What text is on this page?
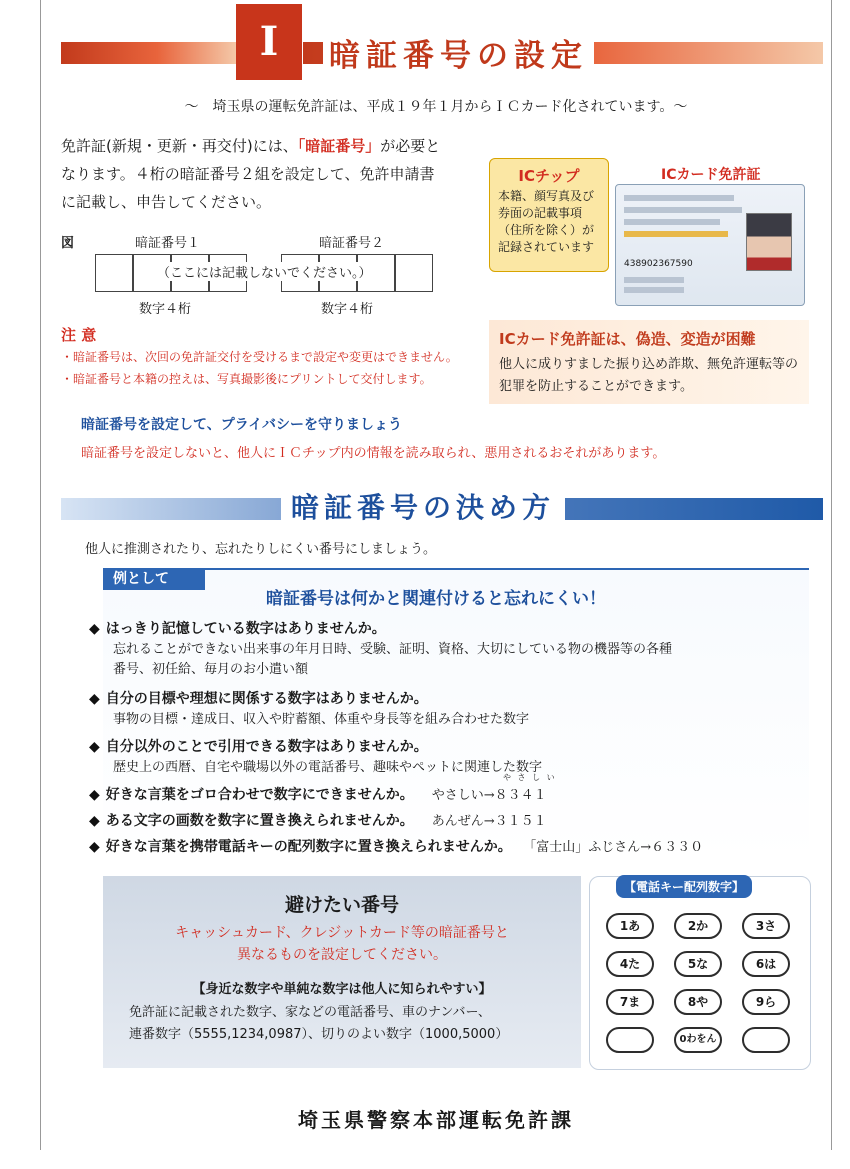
I	暗証番号の設定
～　埼玉県の運転免許証は、平成１９年１月からＩＣカード化されています。～
免許証(新規・更新・再交付)には、「暗証番号」が必要と
なります。４桁の暗証番号２組を設定して、免許申請書
に記載し、申告してください。
図	暗証番号１	暗証番号２
（ここには記載しないでください。）
数字４桁	数字４桁
ICチップ
本籍、顔写真及び券面の記載事項（住所を除く）が記録されています
ICカード免許証
438902367590
注 意
・暗証番号は、次回の免許証交付を受けるまで設定や変更はできません。
・暗証番号と本籍の控えは、写真撮影後にプリントして交付します。
ICカード免許証は、偽造、変造が困難
他人に成りすました振り込め詐欺、無免許運転等の犯罪を防止することができます。
暗証番号を設定して、プライバシーを守りましょう
暗証番号を設定しないと、他人にＩＣチップ内の情報を読み取られ、悪用されるおそれがあります。
暗証番号の決め方
他人に推測されたり、忘れたりしにくい番号にしましょう。
例として
暗証番号は何かと関連付けると忘れにくい！
◆ はっきり記憶している数字はありませんか。
忘れることができない出来事の年月日時、受験、証明、資格、大切にしている物の機器等の各種
番号、初任給、毎月のお小遣い額
◆ 自分の目標や理想に関係する数字はありませんか。
事物の目標・達成日、収入や貯蓄額、体重や身長等を組み合わせた数字
◆ 自分以外のことで引用できる数字はありませんか。
歴史上の西暦、自宅や職場以外の電話番号、趣味やペットに関連した数字
や さ し い
◆ 好きな言葉をゴロ合わせで数字にできませんか。 やさしい→８３４１
◆ ある文字の画数を数字に置き換えられませんか。 あんぜん→３１５１
◆ 好きな言葉を携帯電話キーの配列数字に置き換えられませんか。 「富士山」ふじさん→６３３０
避けたい番号
キャッシュカード、クレジットカード等の暗証番号と
異なるものを設定してください。
【身近な数字や単純な数字は他人に知られやすい】
免許証に記載された数字、家などの電話番号、車のナンバー、
連番数字（5555,1234,0987）、切りのよい数字（1000,5000）
【電話キー配列数字】
1あ	2か	3さ
4た	5な	6は
7ま	8や	9ら
0わをん
埼玉県警察本部運転免許課
